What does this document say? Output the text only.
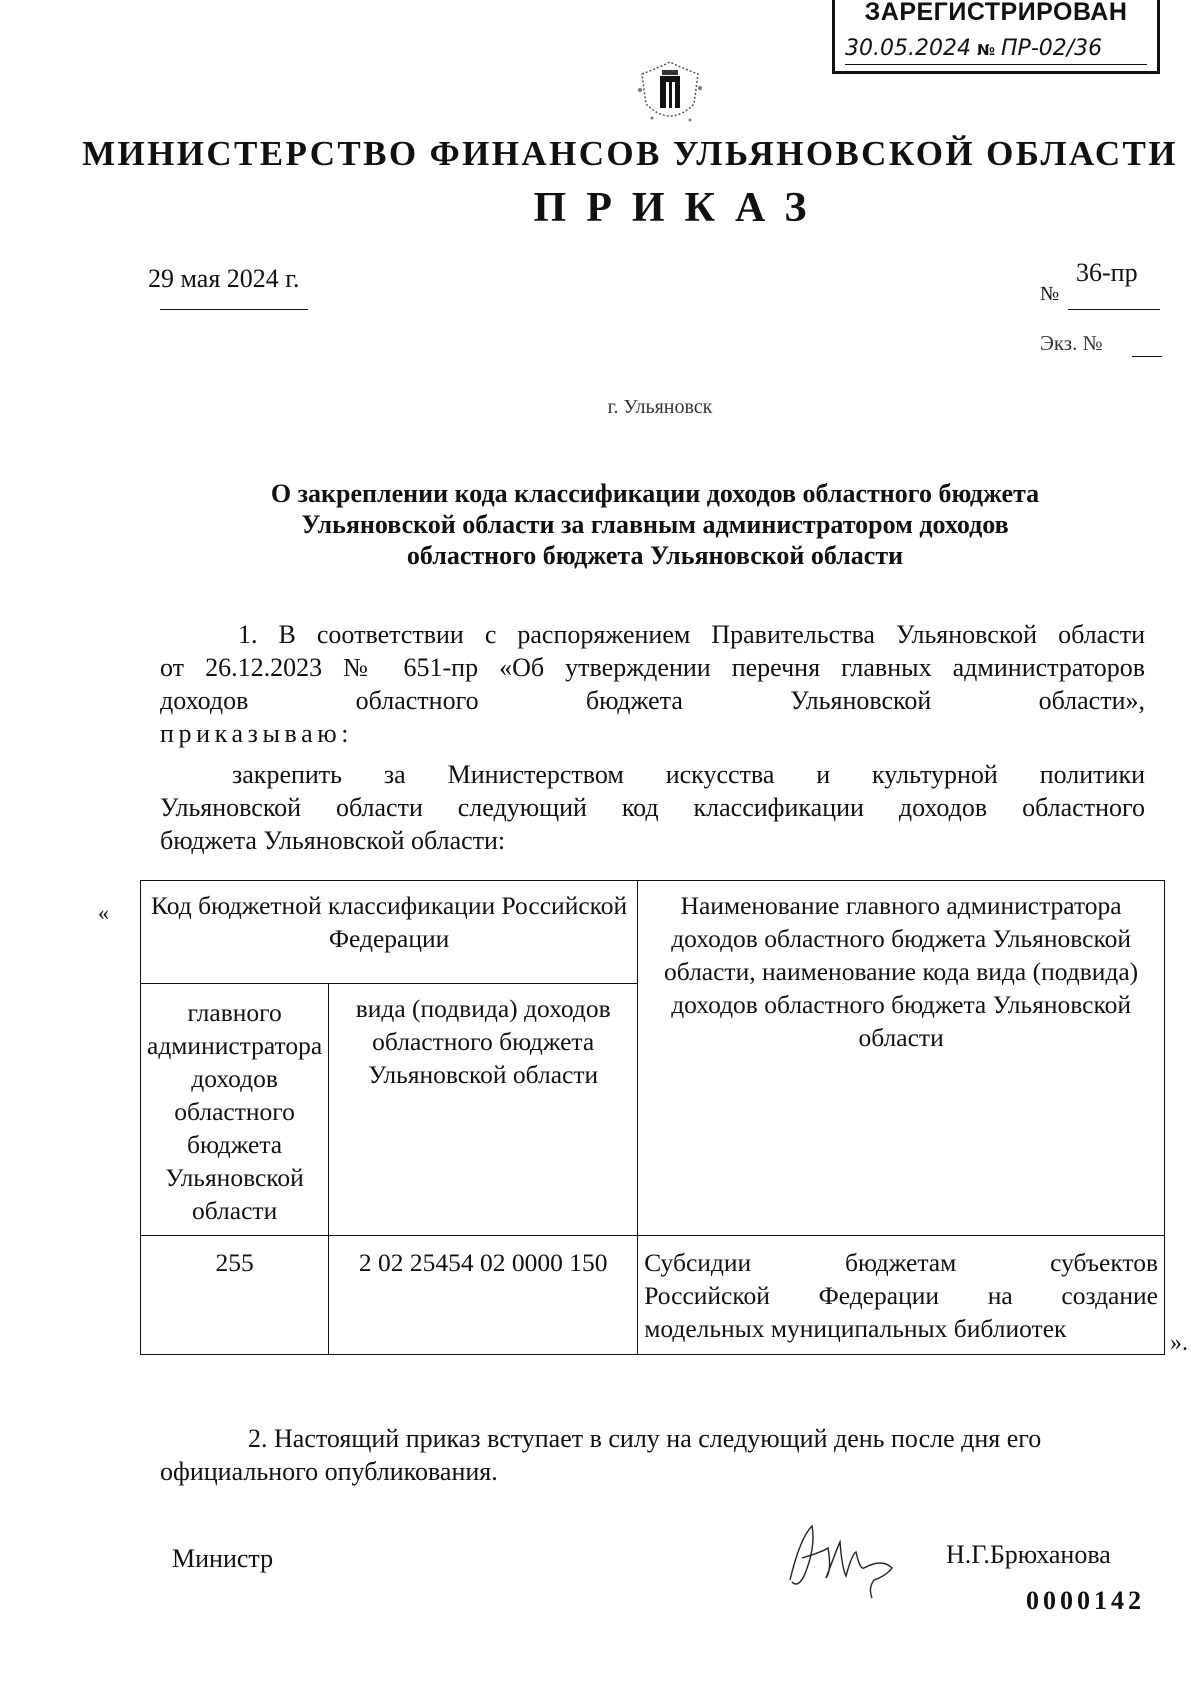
ЗАРЕГИСТРИРОВАН
30.05.2024 № ПР-02/36
МИНИСТЕРСТВО ФИНАНСОВ УЛЬЯНОВСКОЙ ОБЛАСТИ
ПРИКАЗ
29 мая 2024 г.
№
36-пр
Экз. №
г. Ульяновск
О закреплении кода классификации доходов областного бюджета
Ульяновской области за главным администратором доходов
областного бюджета Ульяновской области
1. В соответствии с распоряжением Правительства Ульяновской области
от 26.12.2023 № 651-пр «Об утверждении перечня главных администраторов
доходов областного бюджета Ульяновской области»,
приказываю:
закрепить за Министерством искусства и культурной политики
Ульяновской области следующий код классификации доходов областного
бюджета Ульяновской области:
« Код бюджетной классификации Российской Федерации		Наименование главного администратора доходов областного бюджета Ульяновской области, наименование кода вида (подвида) доходов областного бюджета Ульяновской области
главного администратора доходов областного бюджета Ульяновской области	вида (подвида) доходов областного бюджета Ульяновской области	

255	2 02 25454 02 0000 150	Субсидии бюджетам субъектов
Российской Федерации на создание
модельных муниципальных библиотек	».
2. Настоящий приказ вступает в силу на следующий день после дня его
официального опубликования.
Министр	Н.Г.Брюханова
0000142
